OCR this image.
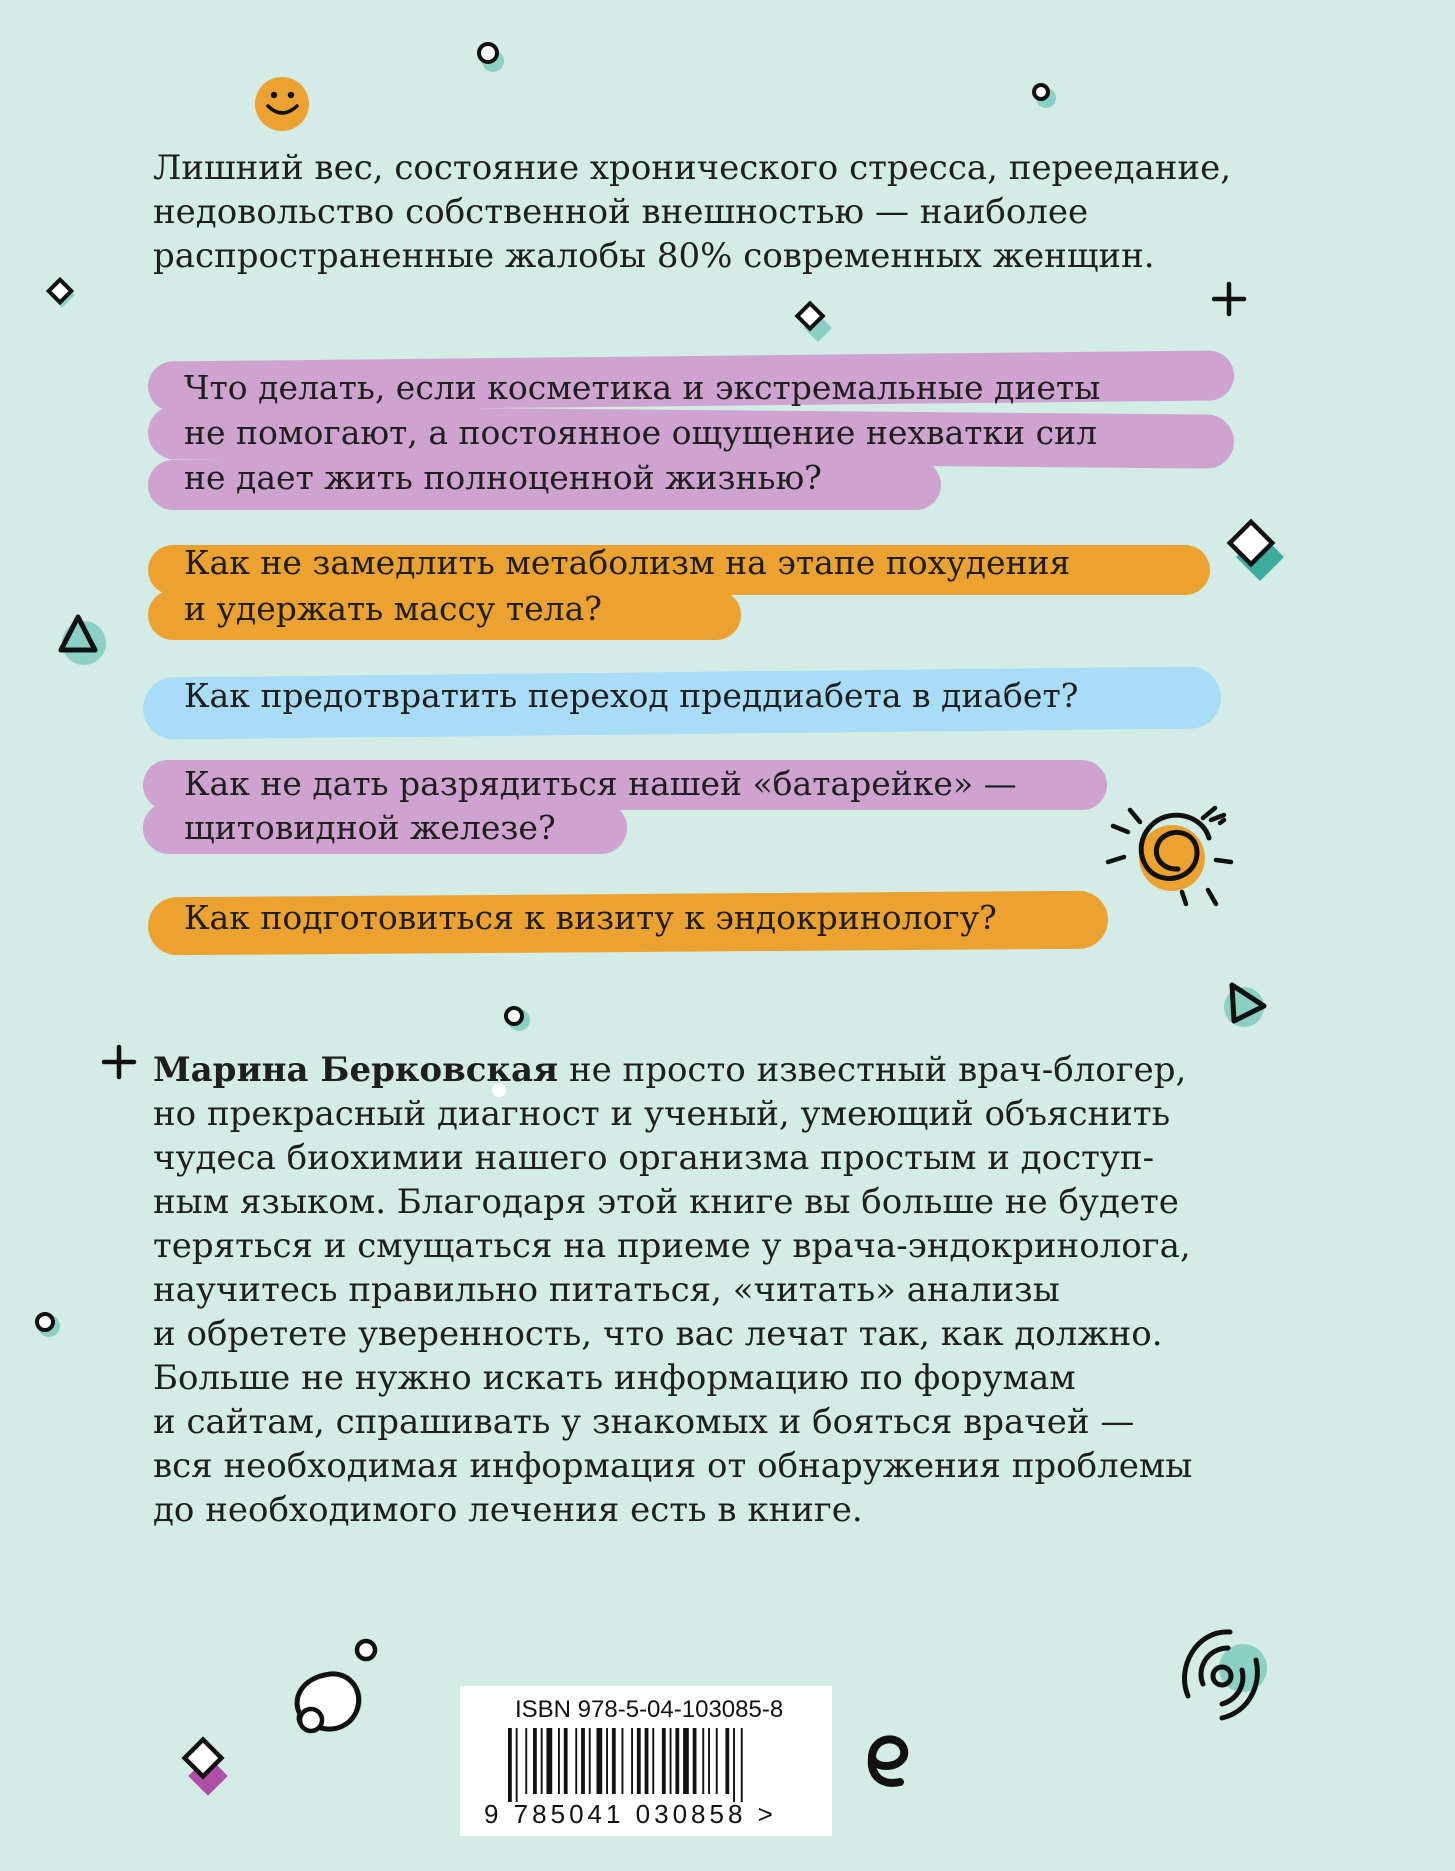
Лишний вес, состояние хронического стресса, переедание,
недовольство собственной внешностью — наиболее
распространенные жалобы 80% современных женщин.
Что делать, если косметика и экстремальные диеты
не помогают, а постоянное ощущение нехватки сил
не дает жить полноценной жизнью?
Как не замедлить метаболизм на этапе похудения
и удержать массу тела?
Как предотвратить переход преддиабета в диабет?
Как не дать разрядиться нашей «батарейке» —
щитовидной железе?
Как подготовиться к визиту к эндокринологу?
Марина Берковская не просто известный врач-блогер,
но прекрасный диагност и ученый, умеющий объяснить
чудеса биохимии нашего организма простым и доступ-
ным языком. Благодаря этой книге вы больше не будете
теряться и смущаться на приеме у врача-эндокринолога,
научитесь правильно питаться, «читать» анализы
и обретете уверенность, что вас лечат так, как должно.
Больше не нужно искать информацию по форумам
и сайтам, спрашивать у знакомых и бояться врачей —
вся необходимая информация от обнаружения проблемы
до необходимого лечения есть в книге.
ISBN 978-5-04-103085-8
9 785041 030858 >
